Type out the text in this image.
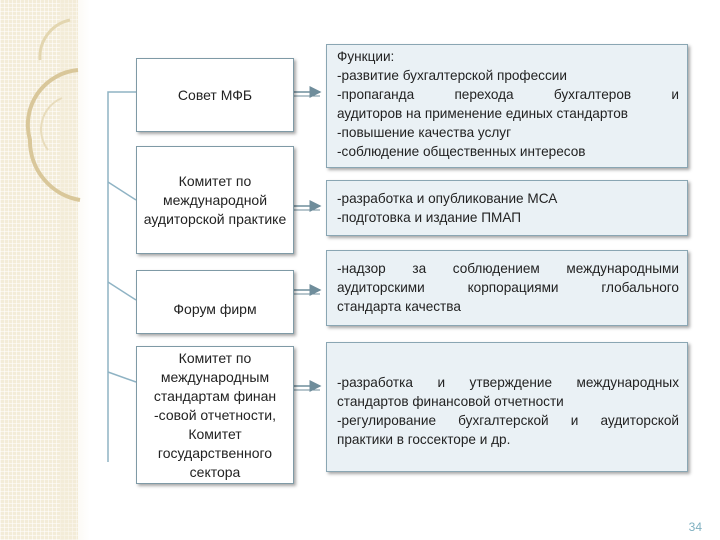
Совет МФБ
Комитет по международной аудиторской практике
Форум фирм
Комитет по международным стандартам финан -совой отчетности, Комитет государственного сектора
Функции:
-развитие бухгалтерской профессии
-пропаганда перехода бухгалтеров и
аудиторов на применение единых стандартов
-повышение качества услуг
-соблюдение общественных интересов
-разработка и опубликование МСА
-подготовка и издание ПМАП
-надзор за соблюдением международными
аудиторскими корпорациями глобального
стандарта качества
-разработка и утверждение международных
стандартов финансовой отчетности
-регулирование бухгалтерской и аудиторской
практики в госсекторе и др.
34
